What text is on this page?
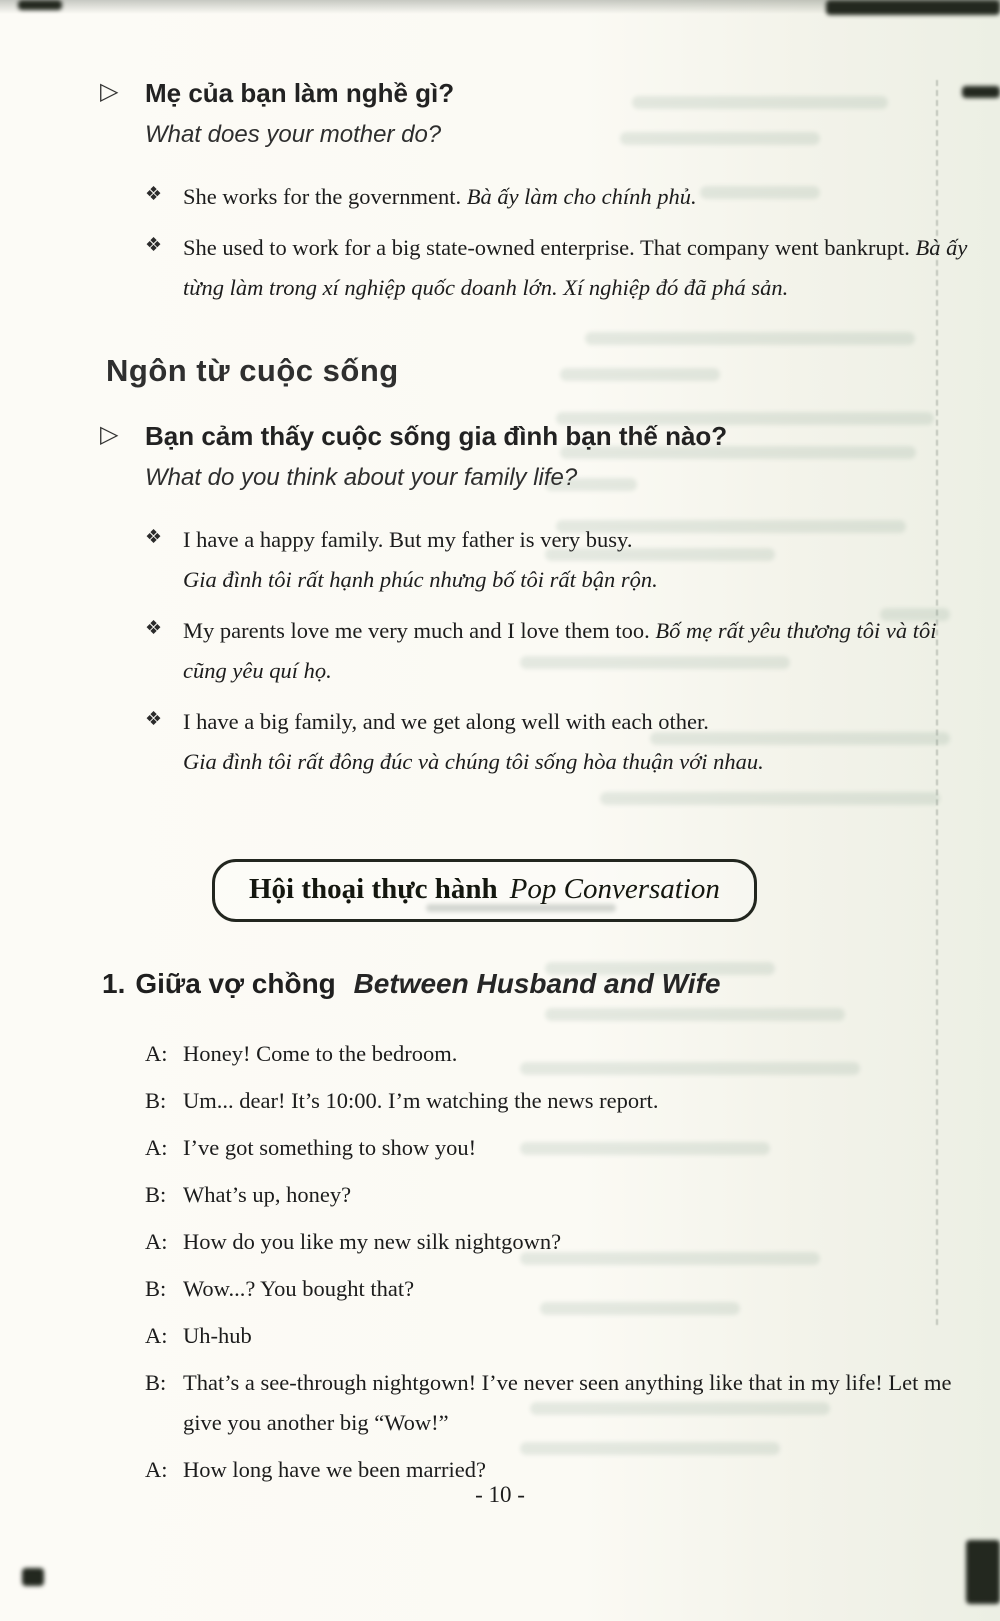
▷ Mẹ của bạn làm nghề gì?
What does your mother do?
❖ She works for the government. Bà ấy làm cho chính phủ.
❖ She used to work for a big state-owned enterprise. That company went bankrupt. Bà ấy từng làm trong xí nghiệp quốc doanh lớn. Xí nghiệp đó đã phá sản.
Ngôn từ cuộc sống
▷ Bạn cảm thấy cuộc sống gia đình bạn thế nào?
What do you think about your family life?
❖ I have a happy family. But my father is very busy.
Gia đình tôi rất hạnh phúc nhưng bố tôi rất bận rộn.
❖ My parents love me very much and I love them too. Bố mẹ rất yêu thương tôi và tôi cũng yêu quí họ.
❖ I have a big family, and we get along well with each other.
Gia đình tôi rất đông đúc và chúng tôi sống hòa thuận với nhau.
Hội thoại thực hành Pop Conversation
1. Giữa vợ chồng Between Husband and Wife
A: Honey! Come to the bedroom.
B: Um... dear! It’s 10:00. I’m watching the news report.
A: I’ve got something to show you!
B: What’s up, honey?
A: How do you like my new silk nightgown?
B: Wow...? You bought that?
A: Uh-hub
B: That’s a see-through nightgown! I’ve never seen anything like that in my life! Let me give you another big “Wow!”
A: How long have we been married?
- 10 -
